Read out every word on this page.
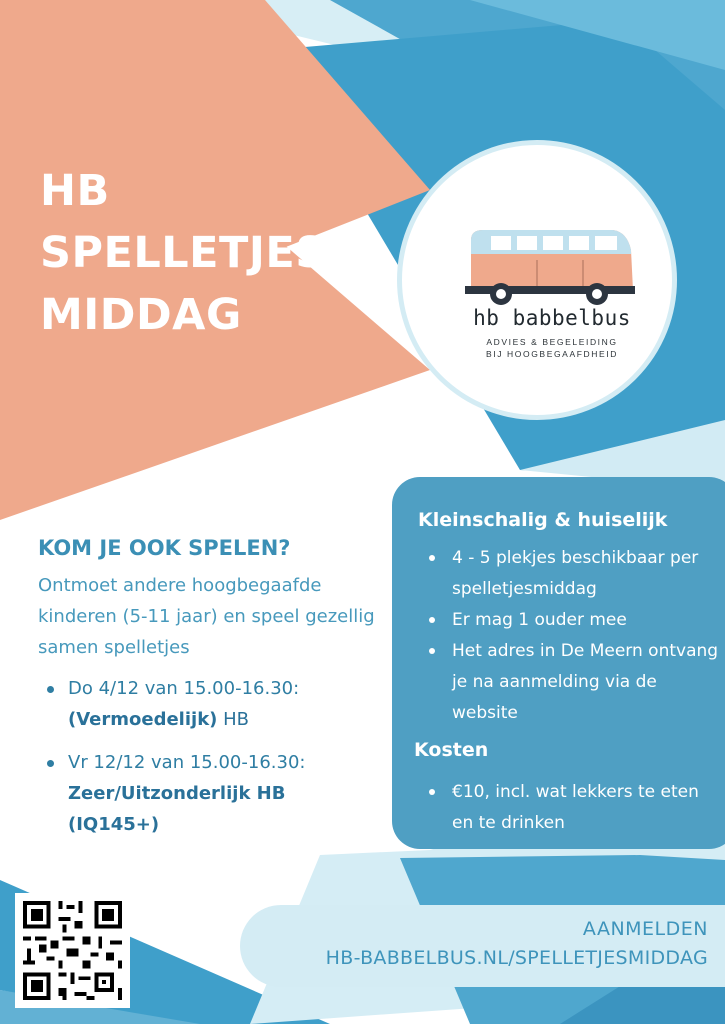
HB
SPELLETJES
MIDDAG	hb babbelbus
ADVIES & BEGELEIDING
BIJ HOOGBEGAAFDHEID
KOM JE OOK SPELEN?

Ontmoet andere hoogbegaafde kinderen (5-11 jaar) en speel gezellig samen spelletjes

Do 4/12 van 15.00-16.30:
(Vermoedelijk) HB
Vr 12/12 van 15.00-16.30:
Zeer/Uitzonderlijk HB (IQ145+)
Kleinschalig & huiselijk
4 - 5 plekjes beschikbaar per spelletjesmiddag
Er mag 1 ouder mee
Het adres in De Meern ontvang je na aanmelding via de website
Kosten
€10, incl. wat lekkers te eten en te drinken
AANMELDEN
HB-BABBELBUS.NL/SPELLETJESMIDDAG
